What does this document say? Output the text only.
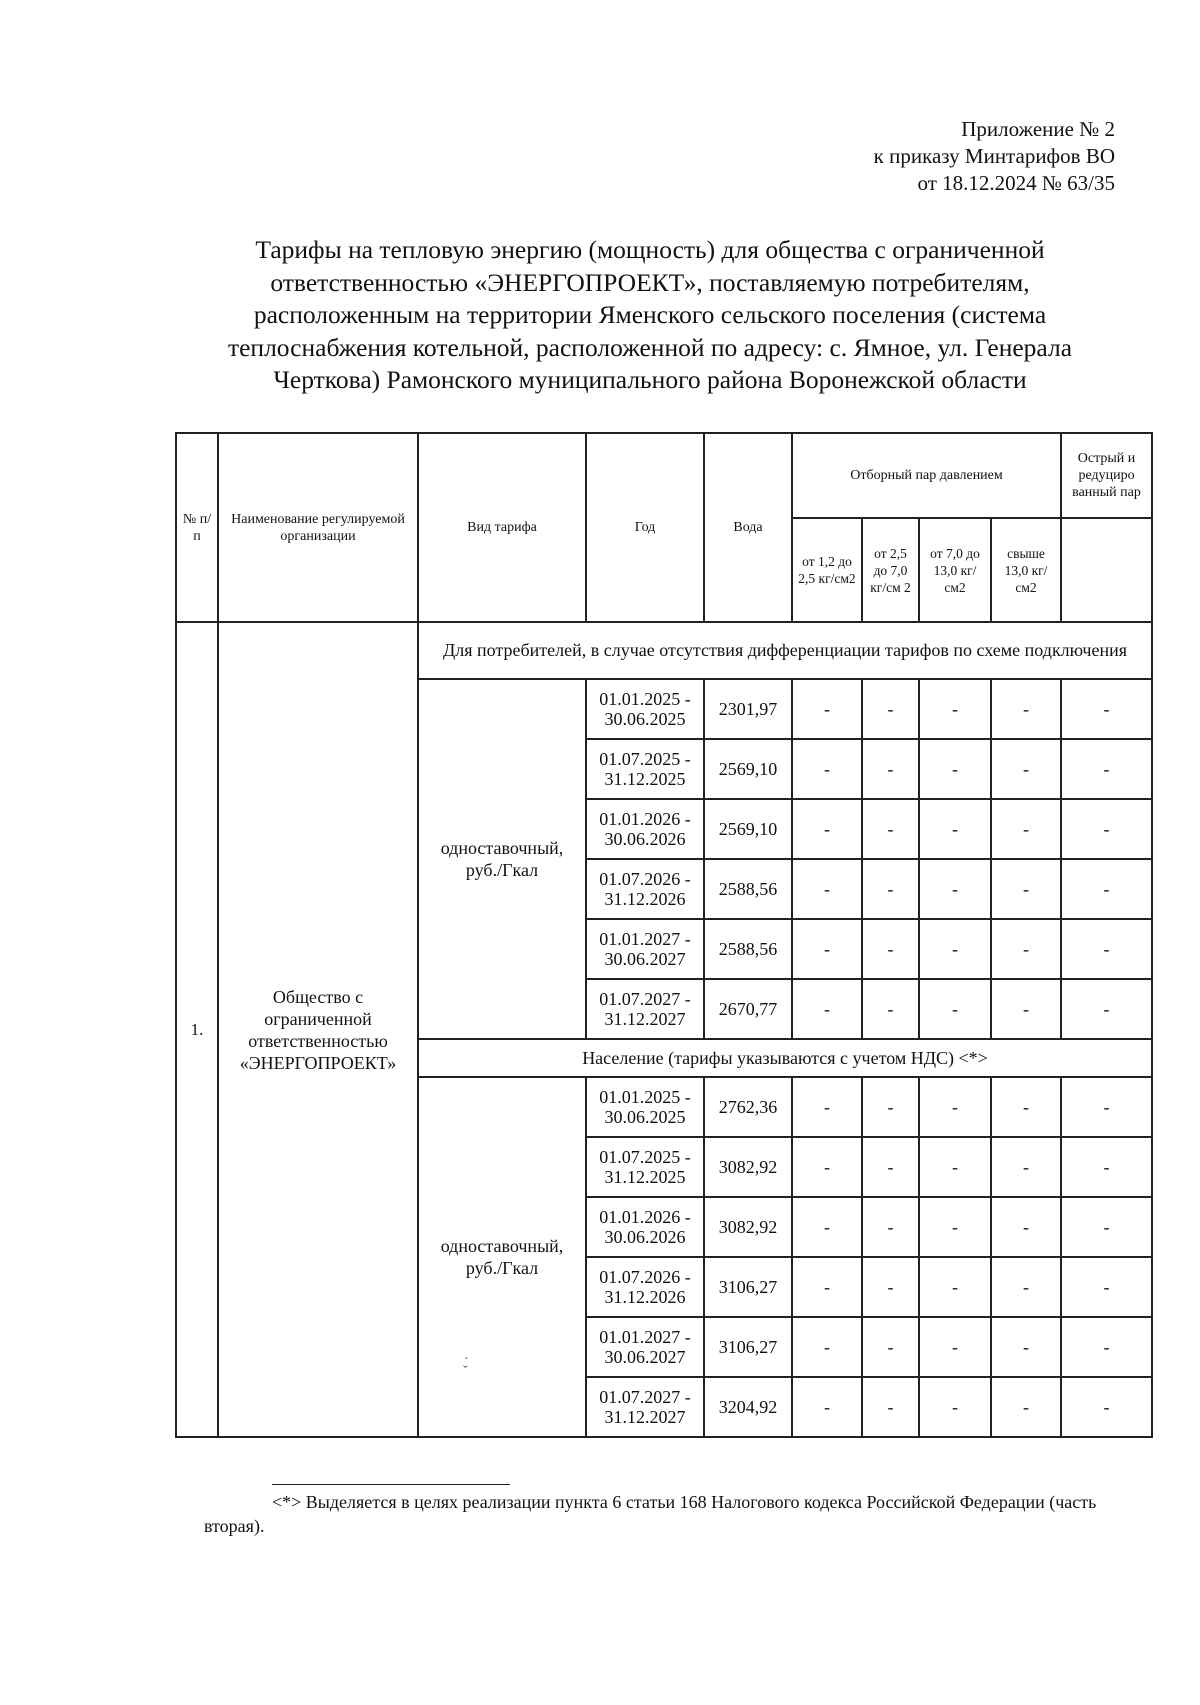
Приложение № 2
к приказу Минтарифов ВО
от 18.12.2024 № 63/35
Тарифы на тепловую энергию (мощность) для общества с ограниченной
ответственностью «ЭНЕРГОПРОЕКТ», поставляемую потребителям,
расположенным на территории Яменского сельского поселения (система
теплоснабжения котельной, расположенной по адресу: с. Ямное, ул. Генерала
Черткова) Рамонского муниципального района Воронежской области
№ п/п	Наименование регулируемой организации	Вид тарифа	Год	Вода	Отборный пар давлением				Острый и редуциро ванный пар
					от 1,2 до 2,5 кг/см2	от 2,5 до 7,0 кг/см 2	от 7,0 до 13,0 кг/см2	свыше 13,0 кг/см2	
1.	Общество с ограниченной ответственностью «ЭНЕРГОПРОЕКТ»	Для потребителей, в случае отсутствия дифференциации тарифов по схеме подключения							
		одноставочный, руб./Гкал	01.01.2025 - 30.06.2025	2301,97	-	-	-	-	-
			01.07.2025 - 31.12.2025	2569,10	-	-	-	-	-
			01.01.2026 - 30.06.2026	2569,10	-	-	-	-	-
			01.07.2026 - 31.12.2026	2588,56	-	-	-	-	-
			01.01.2027 - 30.06.2027	2588,56	-	-	-	-	-
			01.07.2027 - 31.12.2027	2670,77	-	-	-	-	-
		Население (тарифы указываются с учетом НДС) <*>							
		одноставочный, руб./Гкал	01.01.2025 - 30.06.2025	2762,36	-	-	-	-	-
			01.07.2025 - 31.12.2025	3082,92	-	-	-	-	-
			01.01.2026 - 30.06.2026	3082,92	-	-	-	-	-
			01.07.2026 - 31.12.2026	3106,27	-	-	-	-	-
			01.01.2027 - 30.06.2027	3106,27	-	-	-	-	-
			01.07.2027 - 31.12.2027	3204,92	-	-	-	-	-
ˇ
·
<*> Выделяется в целях реализации пункта 6 статьи 168 Налогового кодекса Российской Федерации (часть вторая).
